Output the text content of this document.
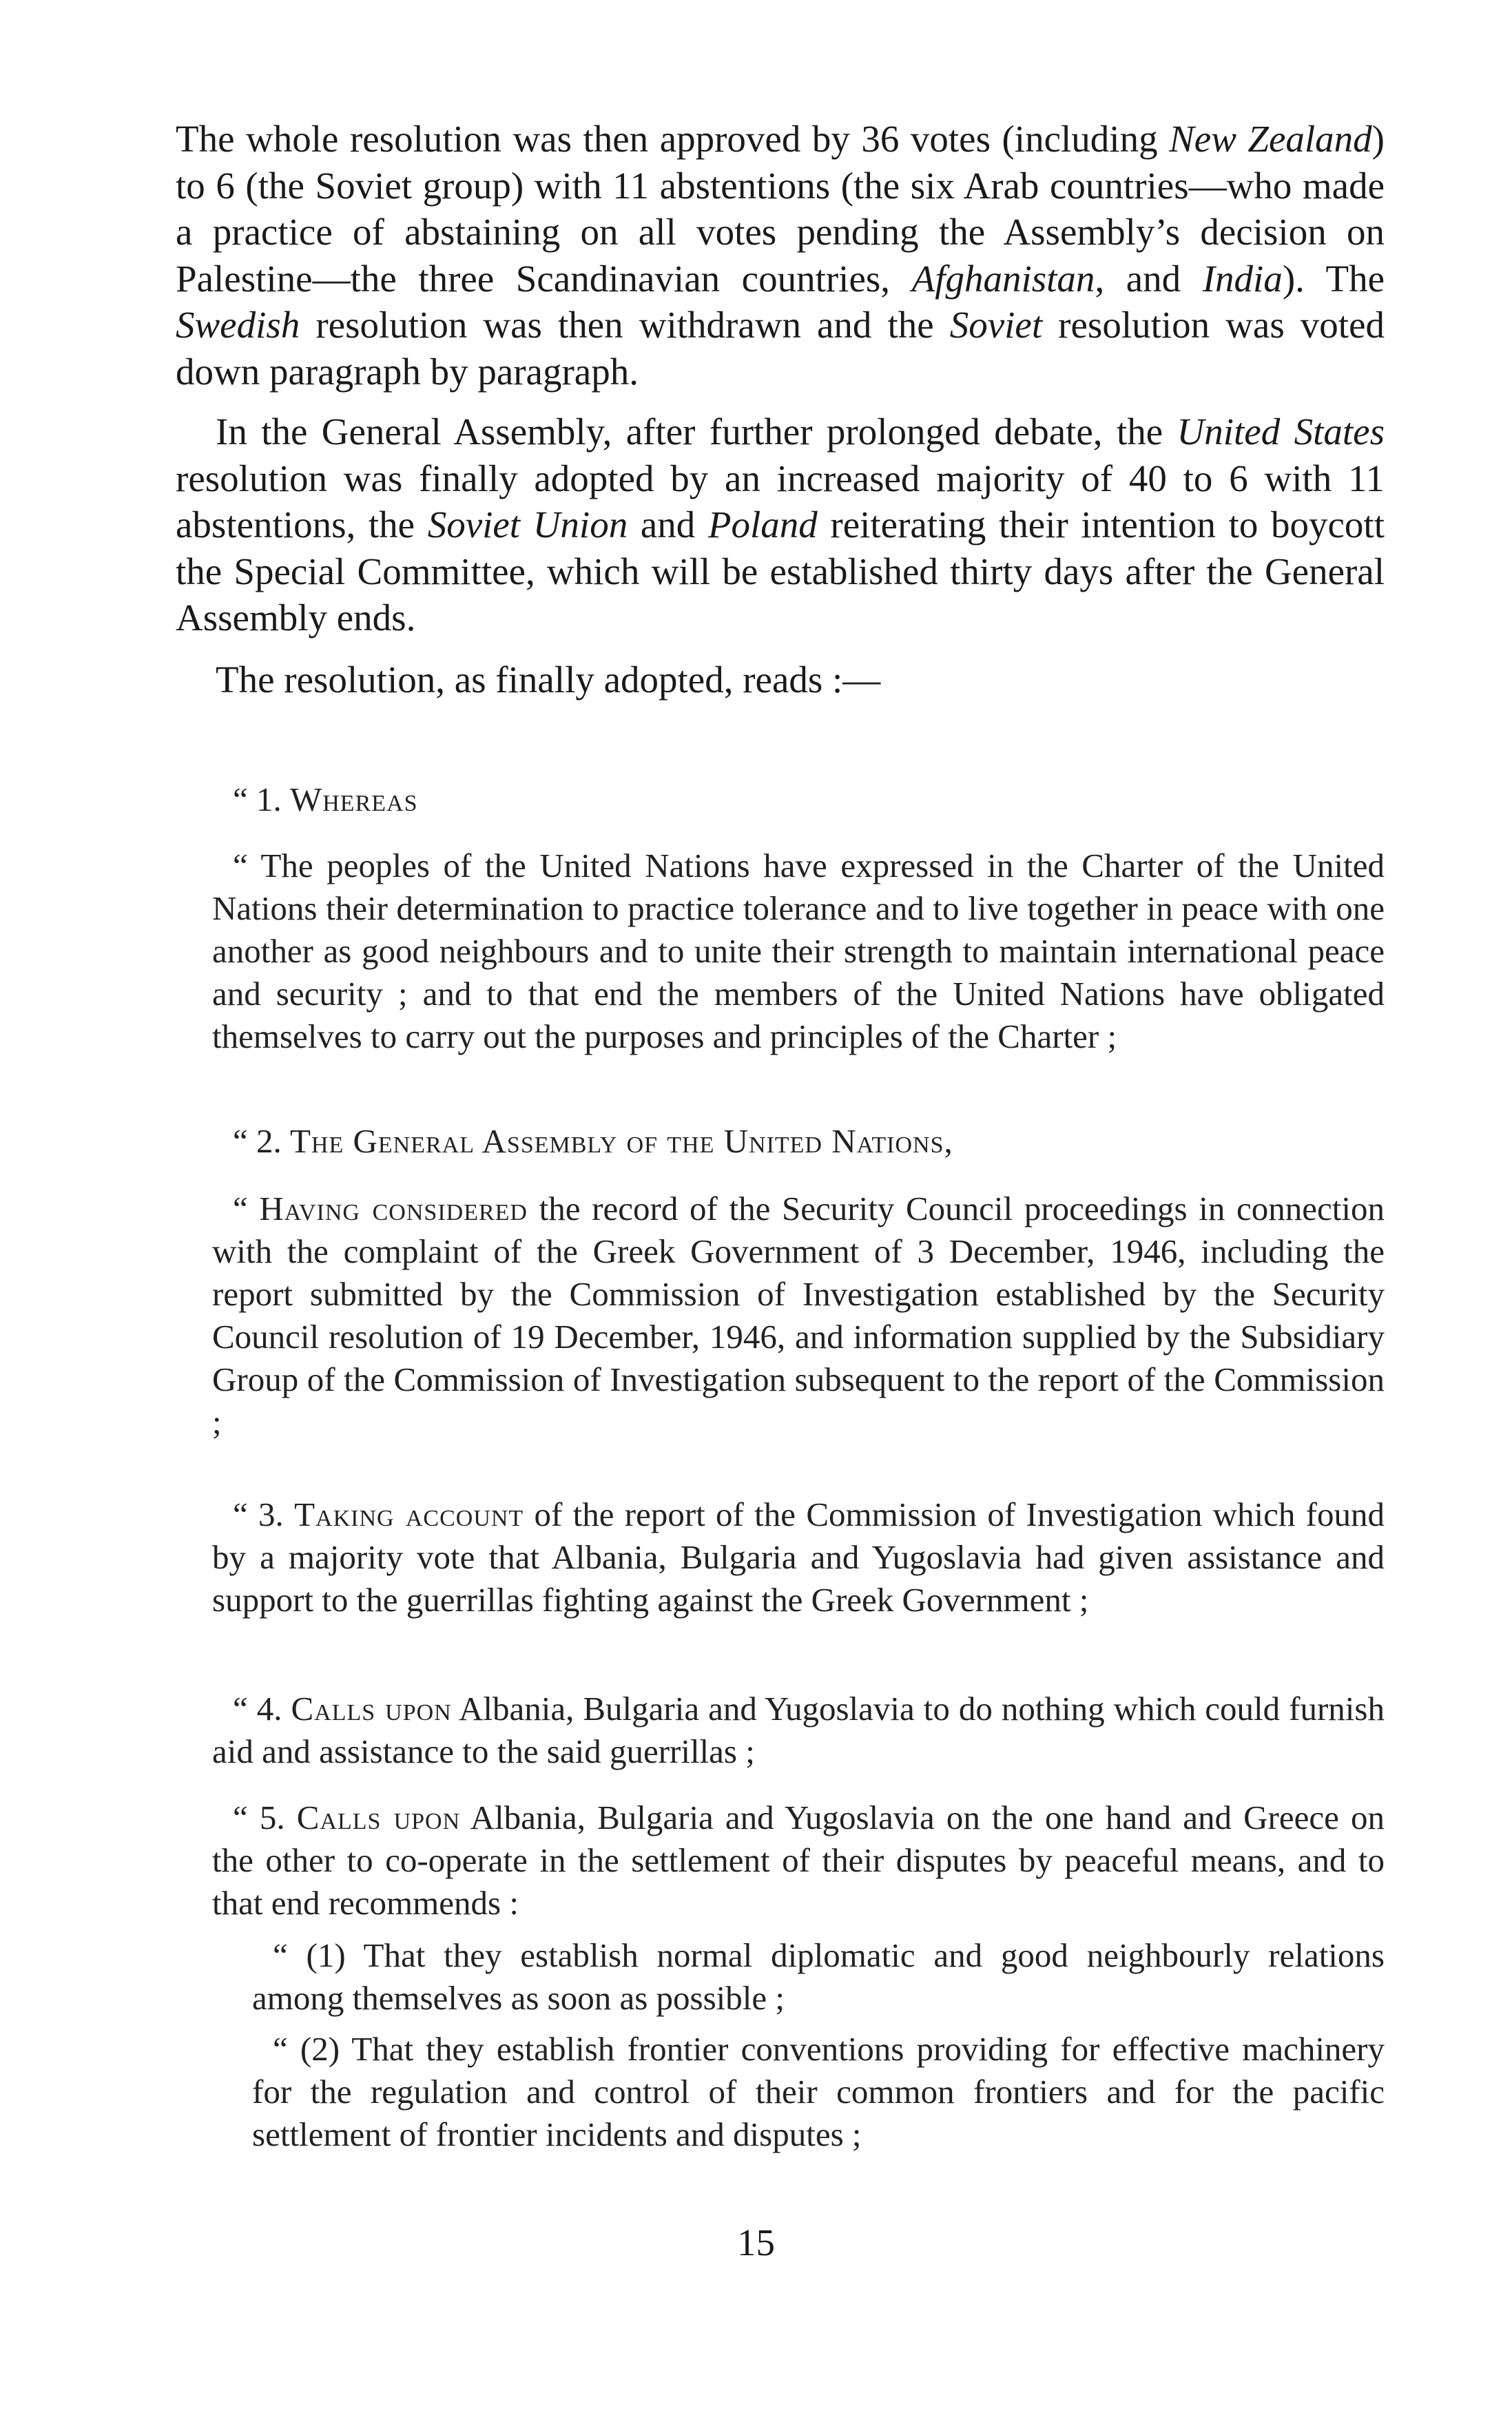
The whole resolution was then approved by 36 votes (including New Zealand) to 6 (the Soviet group) with 11 abstentions (the six Arab countries—who made a practice of abstaining on all votes pending the Assembly’s decision on Palestine—the three Scandinavian countries, Afghanistan, and India). The Swedish resolution was then withdrawn and the Soviet resolution was voted down paragraph by paragraph.

In the General Assembly, after further prolonged debate, the United States resolution was finally adopted by an increased majority of 40 to 6 with 11 abstentions, the Soviet Union and Poland reiterating their intention to boycott the Special Committee, which will be established thirty days after the General Assembly ends.

The resolution, as finally adopted, reads :—

“ 1. Whereas

“ The peoples of the United Nations have expressed in the Charter of the United Nations their determination to practice tolerance and to live together in peace with one another as good neighbours and to unite their strength to maintain international peace and security ; and to that end the members of the United Nations have obligated themselves to carry out the purposes and principles of the Charter ;

“ 2. The General Assembly of the United Nations,

“ Having considered the record of the Security Council proceedings in connection with the complaint of the Greek Government of 3 December, 1946, including the report submitted by the Commission of Investigation established by the Security Council resolution of 19 December, 1946, and information supplied by the Subsidiary Group of the Commission of Investigation subsequent to the report of the Commission ;

“ 3. Taking account of the report of the Commission of Investigation which found by a majority vote that Albania, Bulgaria and Yugoslavia had given assistance and support to the guerrillas fighting against the Greek Government ;

“ 4. Calls upon Albania, Bulgaria and Yugoslavia to do nothing which could furnish aid and assistance to the said guerrillas ;

“ 5. Calls upon Albania, Bulgaria and Yugoslavia on the one hand and Greece on the other to co-operate in the settlement of their disputes by peaceful means, and to that end recommends :

“ (1) That they establish normal diplomatic and good neighbourly relations among themselves as soon as possible ;

“ (2) That they establish frontier conventions providing for effective machinery for the regulation and control of their common frontiers and for the pacific settlement of frontier incidents and disputes ;

15
